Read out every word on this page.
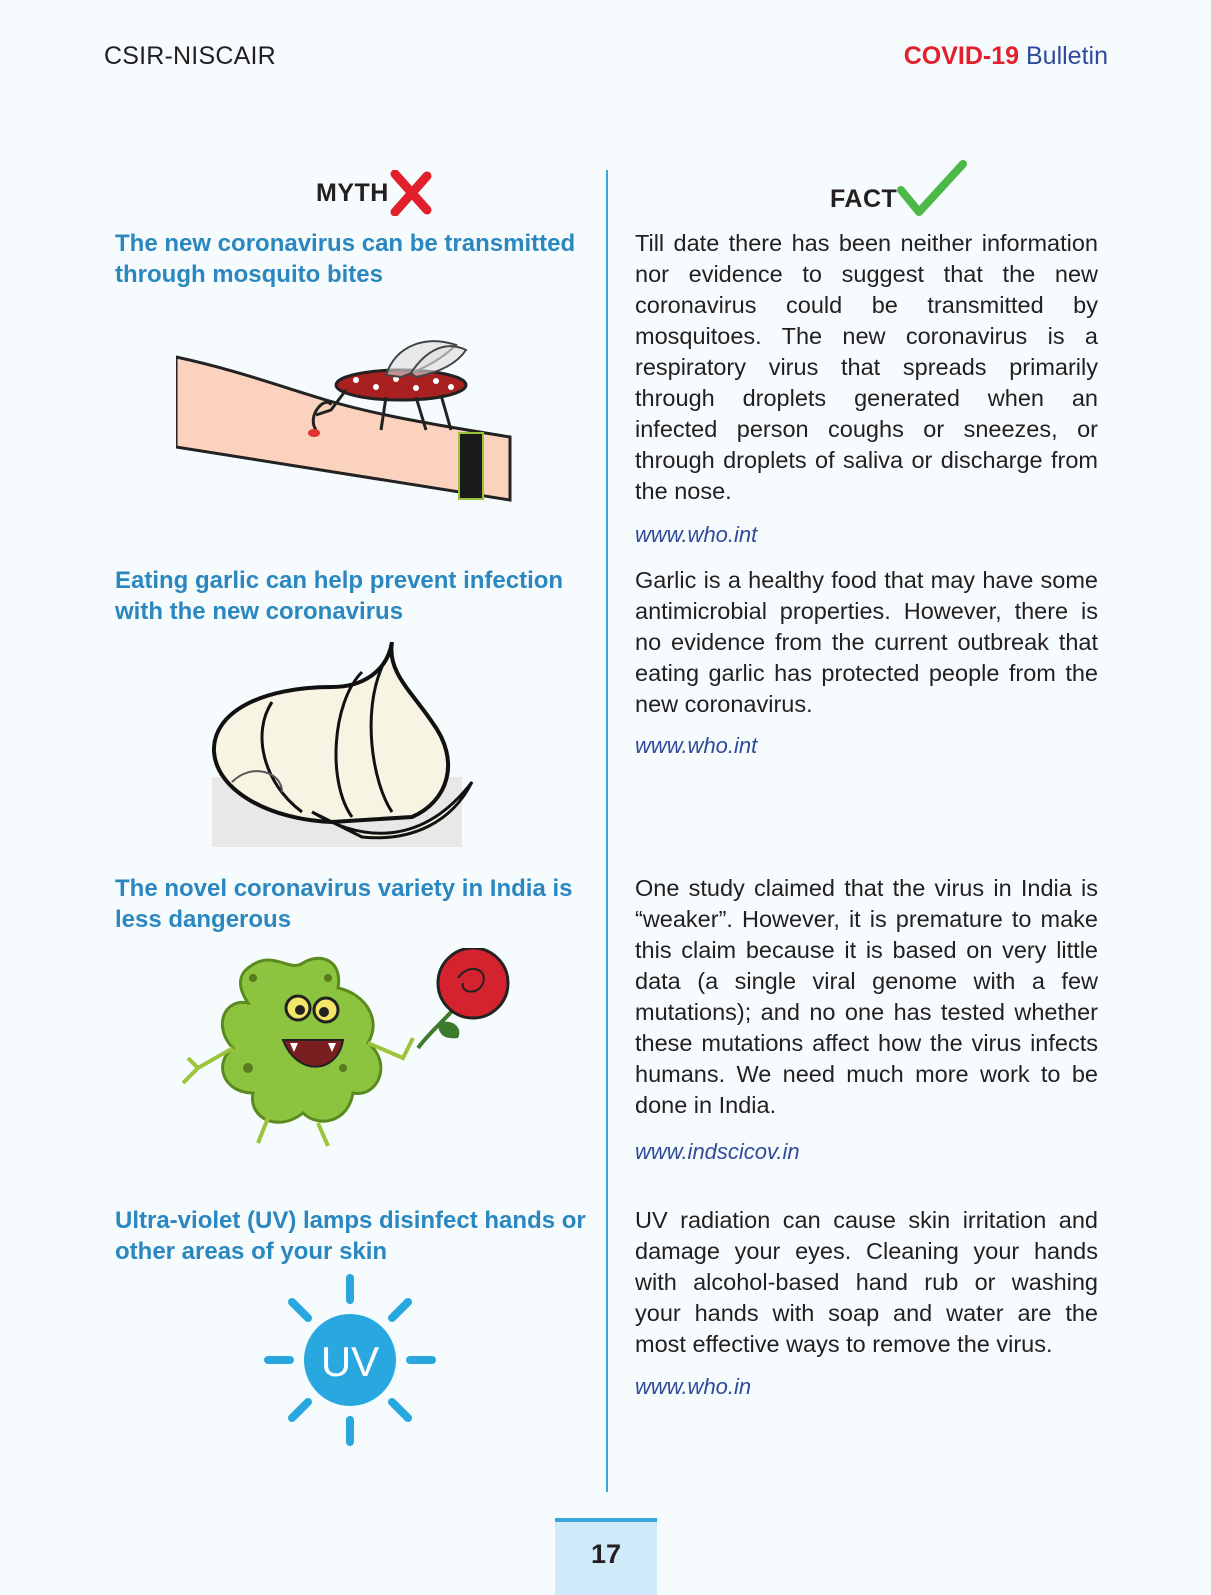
CSIR-NISCAIR	COVID-19 Bulletin
MYTH	FACT
The new coronavirus can be transmitted through mosquito bites
Till date there has been neither information nor evidence to suggest that the new coronavirus could be transmitted by mosquitoes. The new coronavirus is a respiratory virus that spreads primarily through droplets generated when an infected person coughs or sneezes, or through droplets of saliva or discharge from the nose.
www.who.int
Eating garlic can help prevent infection with the new coronavirus
Garlic is a healthy food that may have some antimicrobial properties. However, there is no evidence from the current outbreak that eating garlic has protected people from the new coronavirus.
www.who.int
The novel coronavirus variety in India is less dangerous
One study claimed that the virus in India is “weaker”. However, it is premature to make this claim because it is based on very little data (a single viral genome with a few mutations); and no one has tested whether these mutations affect how the virus infects humans. We need much more work to be done in India.
www.indscicov.in
Ultra-violet (UV) lamps disinfect hands or other areas of your skin
UV radiation can cause skin irritation and damage your eyes. Cleaning your hands with alcohol-based hand rub or washing your hands with soap and water are the most effective ways to remove the virus.
www.who.in
UV
17
